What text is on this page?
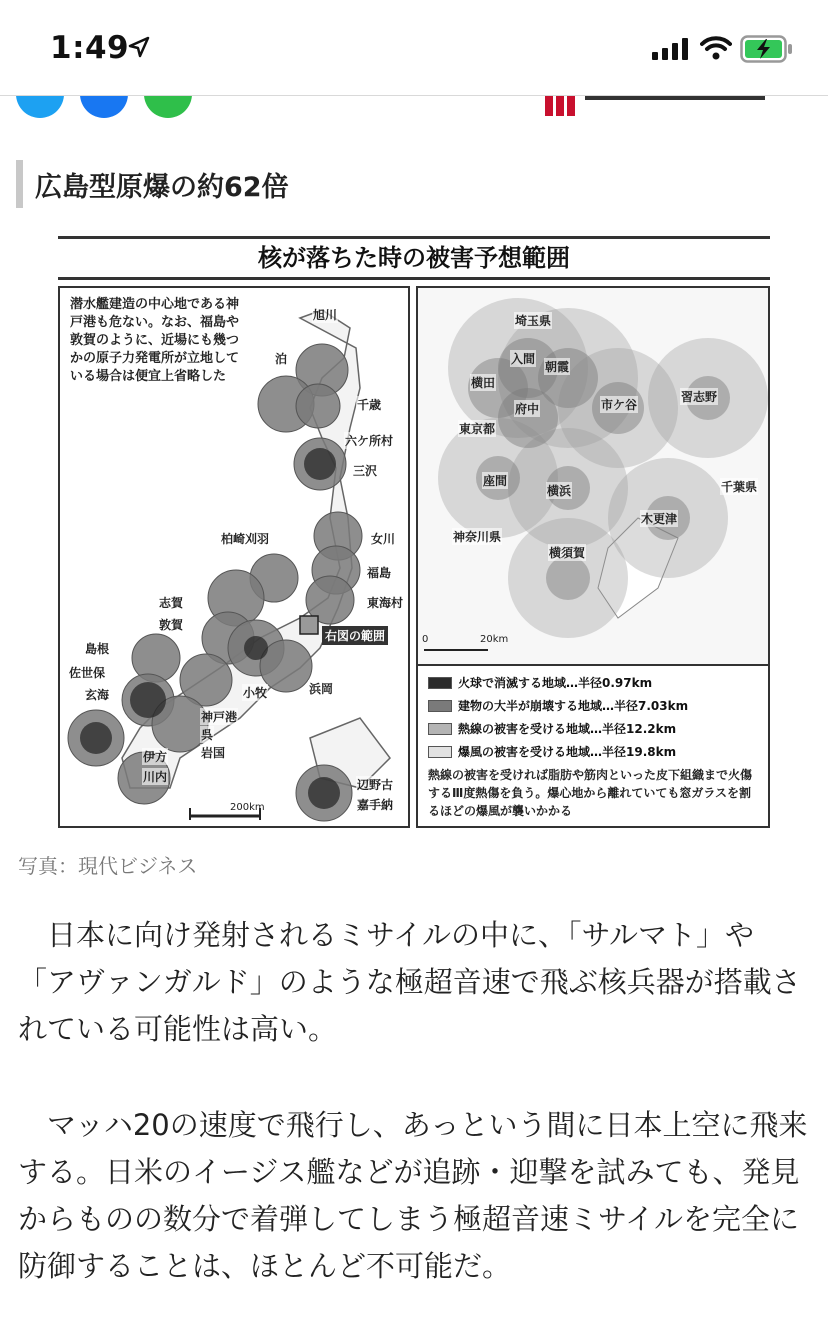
1:49
広島型原爆の約62倍
核が落ちた時の被害予想範囲
潜水艦建造の中心地である神戸港も危ない。なお、福島や敦賀のように、近場にも幾つかの原子力発電所が立地している場合は便宜上省略した
旭川
泊
千歳
六ケ所村
三沢
柏崎刈羽	女川
福島
東海村
志賀
敦賀
島根
佐世保
玄海
神戸港
小牧	浜岡
呉
岩国
伊方
川内
辺野古
嘉手納
右図の範囲
200km
埼玉県
入間
横田
朝霞
府中	市ケ谷
習志野
東京都
座間
横浜
木更津
千葉県
神奈川県
横須賀
0	20km
火球で消滅する地域…半径0.97km
建物の大半が崩壊する地域…半径7.03km
熱線の被害を受ける地域…半径12.2km
爆風の被害を受ける地域…半径19.8km
熱線の被害を受ければ脂肪や筋肉といった皮下組織まで火傷するⅢ度熱傷を負う。爆心地から離れていても窓ガラスを割るほどの爆風が襲いかかる
写真：現代ビジネス

　日本に向け発射されるミサイルの中に、「サルマト」や「アヴァンガルド」のような極超音速で飛ぶ核兵器が搭載されている可能性は高い。

　マッハ20の速度で飛行し、あっという間に日本上空に飛来する。日米のイージス艦などが追跡・迎撃を試みても、発見からものの数分で着弾してしまう極超音速ミサイルを完全に防御することは、ほとんど不可能だ。
